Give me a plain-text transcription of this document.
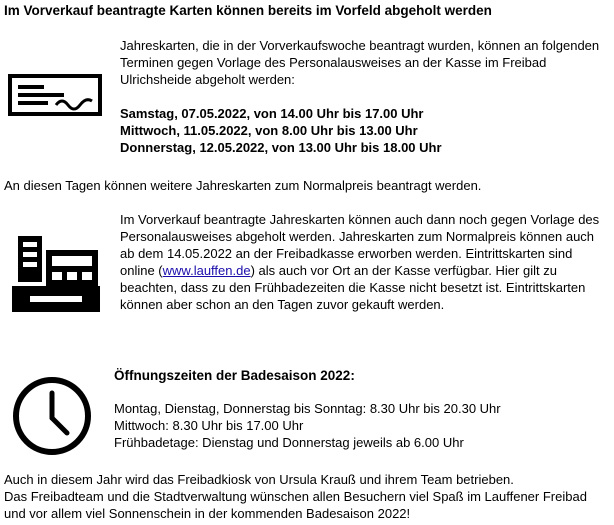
Im Vorverkauf beantragte Karten können bereits im Vorfeld abgeholt werden

Jahreskarten, die in der Vorverkaufswoche beantragt wurden, können an folgenden Terminen gegen Vorlage des Personalausweises an der Kasse im Freibad Ulrichsheide abgeholt werden:

Samstag, 07.05.2022, von 14.00 Uhr bis 17.00 Uhr

Mittwoch, 11.05.2022, von 8.00 Uhr bis 13.00 Uhr

Donnerstag, 12.05.2022, von 13.00 Uhr bis 18.00 Uhr

An diesen Tagen können weitere Jahreskarten zum Normalpreis beantragt werden.
Im Vorverkauf beantragte Jahreskarten können auch dann noch gegen Vorlage des Personalausweises abgeholt werden. Jahreskarten zum Normalpreis können auch ab dem 14.05.2022 an der Freibadkasse erworben werden. Eintrittskarten sind online (www.lauffen.de) als auch vor Ort an der Kasse verfügbar. Hier gilt zu beachten, dass zu den Frühbadezeiten die Kasse nicht besetzt ist. Eintrittskarten können aber schon an den Tagen zuvor gekauft werden.
Öffnungszeiten der Badesaison 2022:

Montag, Dienstag, Donnerstag bis Sonntag: 8.30 Uhr bis 20.30 Uhr

Mittwoch: 8.30 Uhr bis 17.00 Uhr

Frühbadetage: Dienstag und Donnerstag jeweils ab 6.00 Uhr

Auch in diesem Jahr wird das Freibadkiosk von Ursula Krauß und ihrem Team betrieben.

Das Freibadteam und die Stadtverwaltung wünschen allen Besuchern viel Spaß im Lauffener Freibad und vor allem viel Sonnenschein in der kommenden Badesaison 2022!
